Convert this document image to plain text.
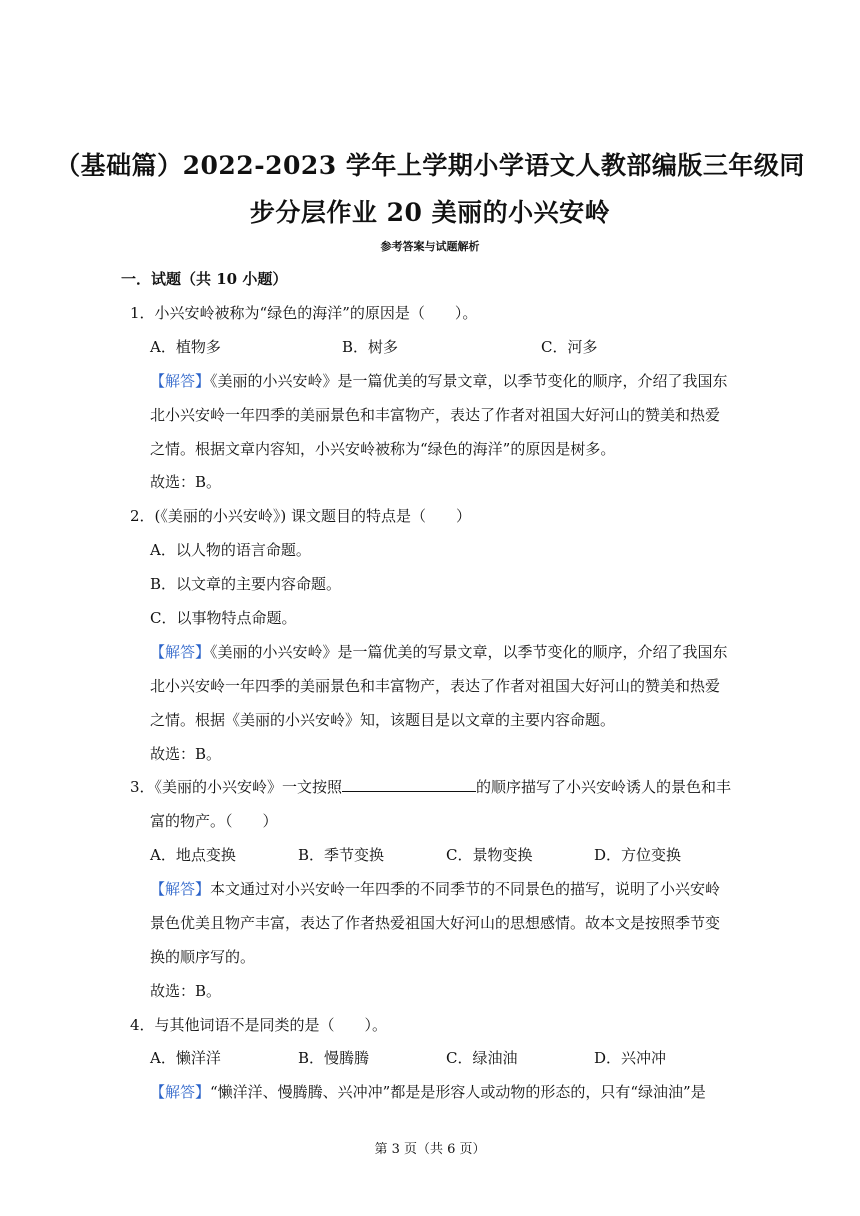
（基础篇）2022-2023 学年上学期小学语文人教部编版三年级同
步分层作业 20 美丽的小兴安岭
参考答案与试题解析
一．试题（共 10 小题）
1．小兴安岭被称为“绿色的海洋”的原因是（　　）。
A．植物多	B．树多	C．河多
【解答】《美丽的小兴安岭》是一篇优美的写景文章，以季节变化的顺序，介绍了我国东
北小兴安岭一年四季的美丽景色和丰富物产，表达了作者对祖国大好河山的赞美和热爱
之情。根据文章内容知，小兴安岭被称为“绿色的海洋”的原因是树多。
故选：B。
2．(《美丽的小兴安岭》) 课文题目的特点是（　　）
A．以人物的语言命题。
B．以文章的主要内容命题。
C．以事物特点命题。
【解答】《美丽的小兴安岭》是一篇优美的写景文章，以季节变化的顺序，介绍了我国东
北小兴安岭一年四季的美丽景色和丰富物产，表达了作者对祖国大好河山的赞美和热爱
之情。根据《美丽的小兴安岭》知，该题目是以文章的主要内容命题。
故选：B。
3．《美丽的小兴安岭》一文按照	的顺序描写了小兴安岭诱人的景色和丰
富的物产。（　　）
A．地点变换	B．季节变换	C．景物变换	D．方位变换
【解答】本文通过对小兴安岭一年四季的不同季节的不同景色的描写，说明了小兴安岭
景色优美且物产丰富，表达了作者热爱祖国大好河山的思想感情。故本文是按照季节变
换的顺序写的。
故选：B。
4．与其他词语不是同类的是（　　）。
A．懒洋洋	B．慢腾腾	C．绿油油	D．兴冲冲
【解答】“懒洋洋、慢腾腾、兴冲冲”都是是形容人或动物的形态的，只有“绿油油”是
第 3 页（共 6 页）
